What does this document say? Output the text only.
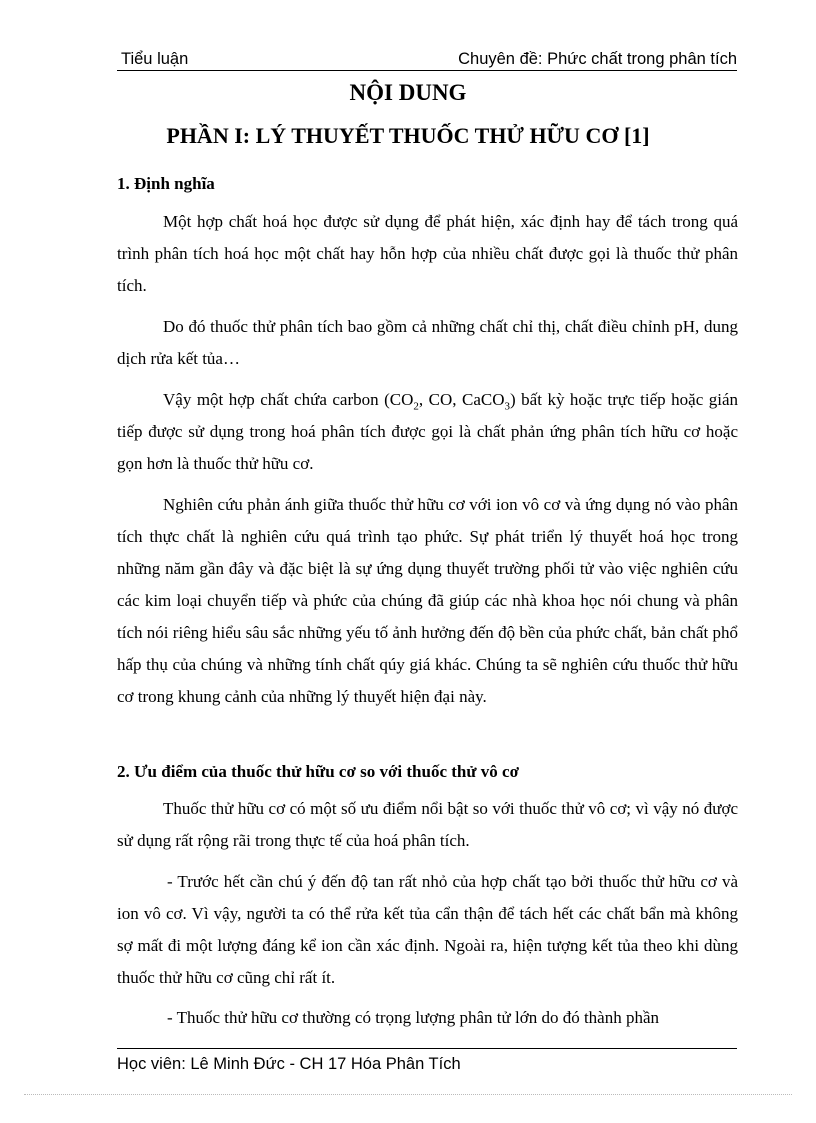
Tiểu luận	Chuyên đề: Phức chất trong phân tích
NỘI DUNG
PHẦN I: LÝ THUYẾT THUỐC THỬ HỮU CƠ [1]
1. Định nghĩa

Một hợp chất hoá học được sử dụng để phát hiện, xác định hay để tách trong quá trình phân tích hoá học một chất hay hỗn hợp của nhiều chất được gọi là thuốc thử phân tích.

Do đó thuốc thử phân tích bao gồm cả những chất chỉ thị, chất điều chỉnh pH, dung dịch rửa kết tủa…

Vậy một hợp chất chứa carbon ($CO_2$, CO, CaCO$_3$) bất kỳ hoặc trực tiếp hoặc gián tiếp được sử dụng trong hoá phân tích được gọi là chất phản ứng phân tích hữu cơ hoặc gọn hơn là thuốc thử hữu cơ.

Nghiên cứu phản ánh giữa thuốc thử hữu cơ với ion vô cơ và ứng dụng nó vào phân tích thực chất là nghiên cứu quá trình tạo phức. Sự phát triển lý thuyết hoá học trong những năm gần đây và đặc biệt là sự ứng dụng thuyết trường phối tử vào việc nghiên cứu các kim loại chuyển tiếp và phức của chúng đã giúp các nhà khoa học nói chung và phân tích nói riêng hiểu sâu sắc những yếu tố ảnh hưởng đến độ bền của phức chất, bản chất phổ hấp thụ của chúng và những tính chất qúy giá khác. Chúng ta sẽ nghiên cứu thuốc thử hữu cơ trong khung cảnh của những lý thuyết hiện đại này.

2. Ưu điểm của thuốc thử hữu cơ so với thuốc thử vô cơ

Thuốc thử hữu cơ có một số ưu điểm nổi bật so với thuốc thử vô cơ; vì vậy nó được sử dụng rất rộng rãi trong thực tế của hoá phân tích.

- Trước hết cần chú ý đến độ tan rất nhỏ của hợp chất tạo bởi thuốc thử hữu cơ và ion vô cơ. Vì vậy, người ta có thể rửa kết tủa cẩn thận để tách hết các chất bẩn mà không sợ mất đi một lượng đáng kể ion cần xác định. Ngoài ra, hiện tượng kết tủa theo khi dùng thuốc thử hữu cơ cũng chỉ rất ít.

- Thuốc thử hữu cơ thường có trọng lượng phân tử lớn do đó thành phần

Học viên: Lê Minh Đức - CH 17 Hóa Phân Tích
